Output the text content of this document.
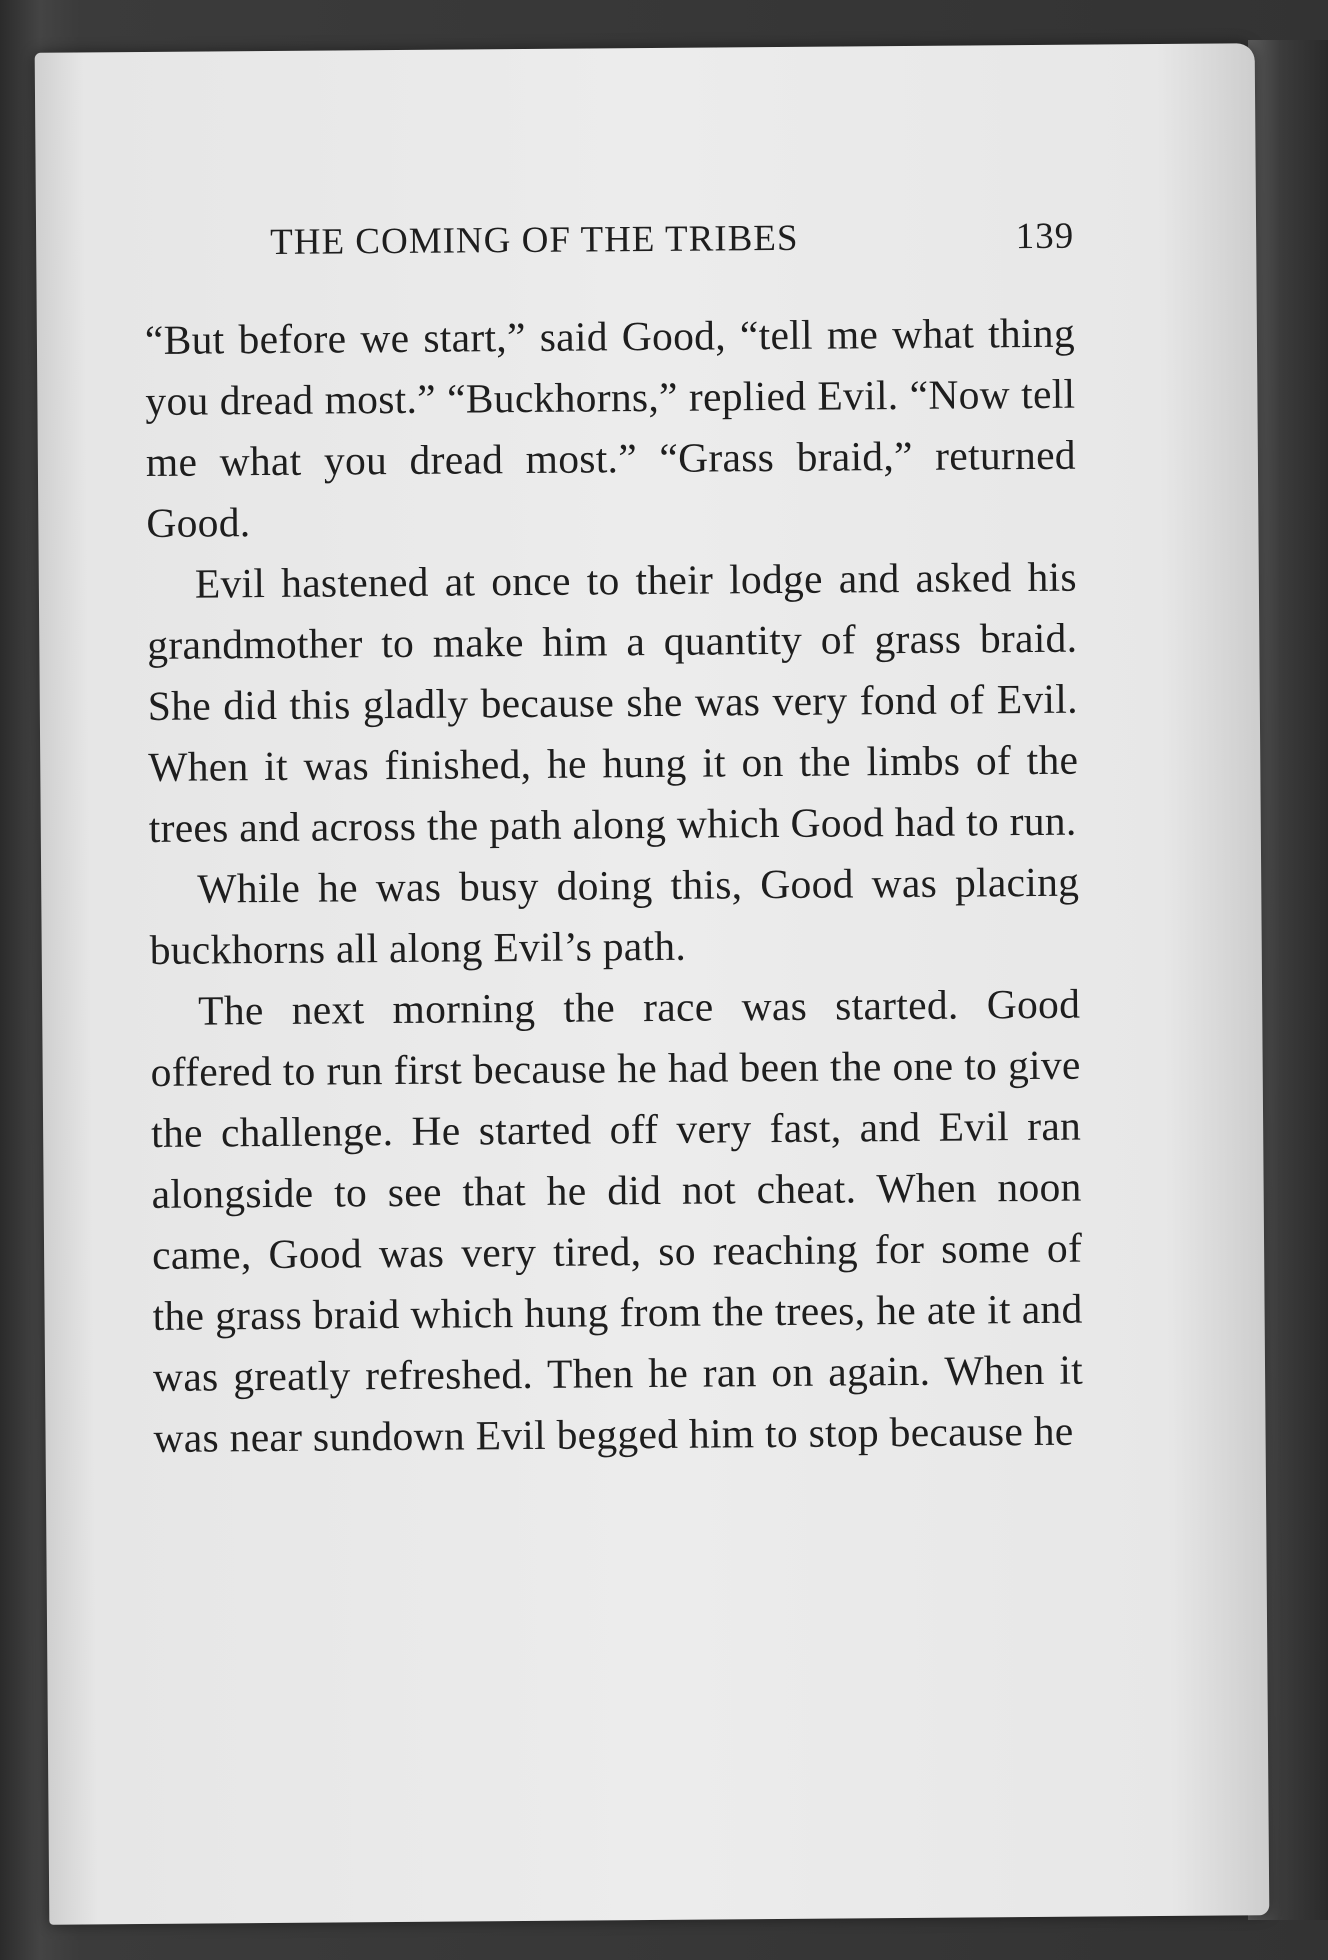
THE COMING OF THE TRIBES	139

“But before we start,” said Good, “tell me what thing you dread most.” “Buckhorns,” replied Evil. “Now tell me what you dread most.” “Grass braid,” returned Good.

Evil hastened at once to their lodge and asked his grandmother to make him a quantity of grass braid. She did this gladly because she was very fond of Evil. When it was finished, he hung it on the limbs of the trees and across the path along which Good had to run.

While he was busy doing this, Good was placing buckhorns all along Evil’s path.

The next morning the race was started. Good offered to run first because he had been the one to give the challenge. He started off very fast, and Evil ran alongside to see that he did not cheat. When noon came, Good was very tired, so reaching for some of the grass braid which hung from the trees, he ate it and was greatly refreshed. Then he ran on again. When it was near sundown Evil begged him to stop because he
